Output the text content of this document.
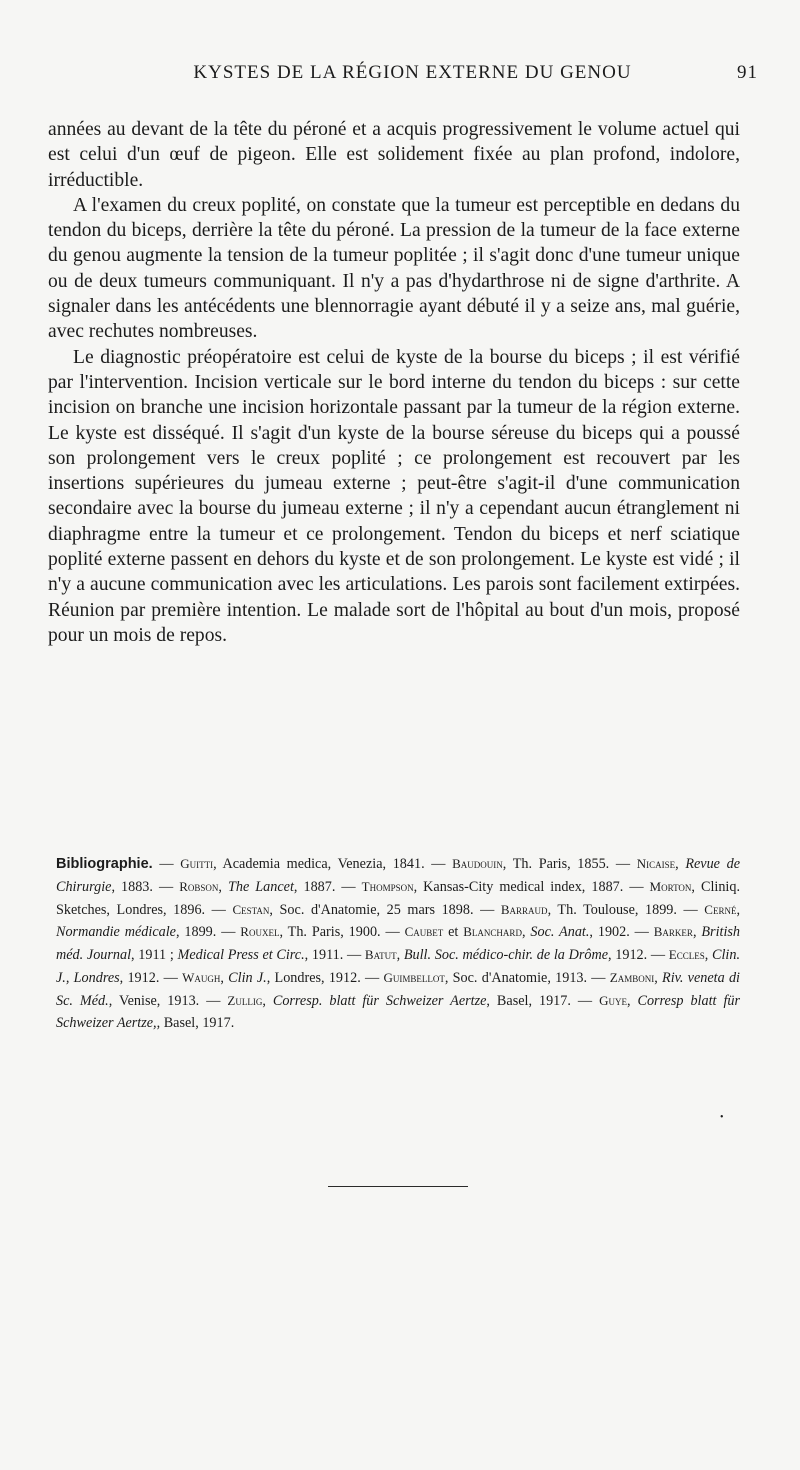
KYSTES DE LA RÉGION EXTERNE DU GENOU	91

années au devant de la tête du péroné et a acquis progressivement le volume actuel qui est celui d'un œuf de pigeon. Elle est solidement fixée au plan profond, indolore, irréductible.

A l'examen du creux poplité, on constate que la tumeur est perceptible en dedans du tendon du biceps, derrière la tête du péroné. La pression de la tumeur de la face externe du genou augmente la tension de la tumeur poplitée ; il s'agit donc d'une tumeur unique ou de deux tumeurs communiquant. Il n'y a pas d'hydarthrose ni de signe d'arthrite. A signaler dans les antécédents une blennorragie ayant débuté il y a seize ans, mal guérie, avec rechutes nombreuses.

Le diagnostic préopératoire est celui de kyste de la bourse du biceps ; il est vérifié par l'intervention. Incision verticale sur le bord interne du tendon du biceps : sur cette incision on branche une incision horizontale passant par la tumeur de la région externe. Le kyste est disséqué. Il s'agit d'un kyste de la bourse séreuse du biceps qui a poussé son prolongement vers le creux poplité ; ce prolongement est recouvert par les insertions supérieures du jumeau externe ; peut-être s'agit-il d'une communication secondaire avec la bourse du jumeau externe ; il n'y a cependant aucun étranglement ni diaphragme entre la tumeur et ce prolongement. Tendon du biceps et nerf sciatique poplité externe passent en dehors du kyste et de son prolongement. Le kyste est vidé ; il n'y a aucune communication avec les articulations. Les parois sont facilement extirpées. Réunion par première intention. Le malade sort de l'hôpital au bout d'un mois, proposé pour un mois de repos.

Bibliographie. — Guitti, Academia medica, Venezia, 1841. — Baudouin, Th. Paris, 1855. — Nicaise, Revue de Chirurgie, 1883. — Robson, The Lancet, 1887. — Thompson, Kansas-City medical index, 1887. — Morton, Cliniq. Sketches, Londres, 1896. — Cestan, Soc. d'Anatomie, 25 mars 1898. — Barraud, Th. Toulouse, 1899. — Cerné, Normandie médicale, 1899. — Rouxel, Th. Paris, 1900. — Caubet et Blanchard, Soc. Anat., 1902. — Barker, British méd. Journal, 1911 ; Medical Press et Circ., 1911. — Batut, Bull. Soc. médico-chir. de la Drôme, 1912. — Eccles, Clin. J., Londres, 1912. — Waugh, Clin J., Londres, 1912. — Guimbellot, Soc. d'Anatomie, 1913. — Zamboni, Riv. veneta di Sc. Méd., Venise, 1913. — Zullig, Corresp. blatt für Schweizer Aertze, Basel, 1917. — Guye, Corresp blatt für Schweizer Aertze,, Basel, 1917.
•
